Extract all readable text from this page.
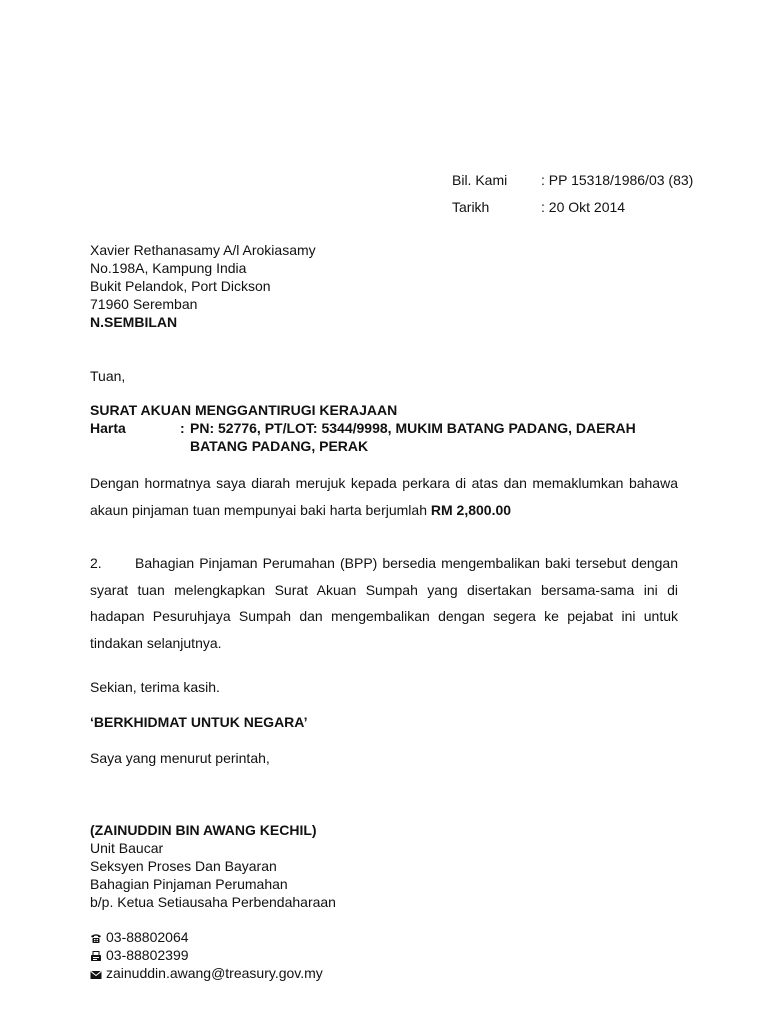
Bil. Kami	: PP 15318/1986/03 (83)
Tarikh	: 20 Okt 2014
Xavier Rethanasamy A/l Arokiasamy
No.198A, Kampung India
Bukit Pelandok, Port Dickson
71960 Seremban
N.SEMBILAN
Tuan,
SURAT AKUAN MENGGANTIRUGI KERAJAAN
Harta	: PN: 52776, PT/LOT: 5344/9998, MUKIM BATANG PADANG, DAERAH BATANG PADANG, PERAK
Dengan hormatnya saya diarah merujuk kepada perkara di atas dan memaklumkan bahawa akaun pinjaman tuan mempunyai baki harta berjumlah RM 2,800.00
2. Bahagian Pinjaman Perumahan (BPP) bersedia mengembalikan baki tersebut dengan syarat tuan melengkapkan Surat Akuan Sumpah yang disertakan bersama-sama ini di hadapan Pesuruhjaya Sumpah dan mengembalikan dengan segera ke pejabat ini untuk tindakan selanjutnya.
Sekian, terima kasih.
‘BERKHIDMAT UNTUK NEGARA’
Saya yang menurut perintah,
(ZAINUDDIN BIN AWANG KECHIL)
Unit Baucar
Seksyen Proses Dan Bayaran
Bahagian Pinjaman Perumahan
b/p. Ketua Setiausaha Perbendaharaan
03-88802064
03-88802399
zainuddin.awang@treasury.gov.my
